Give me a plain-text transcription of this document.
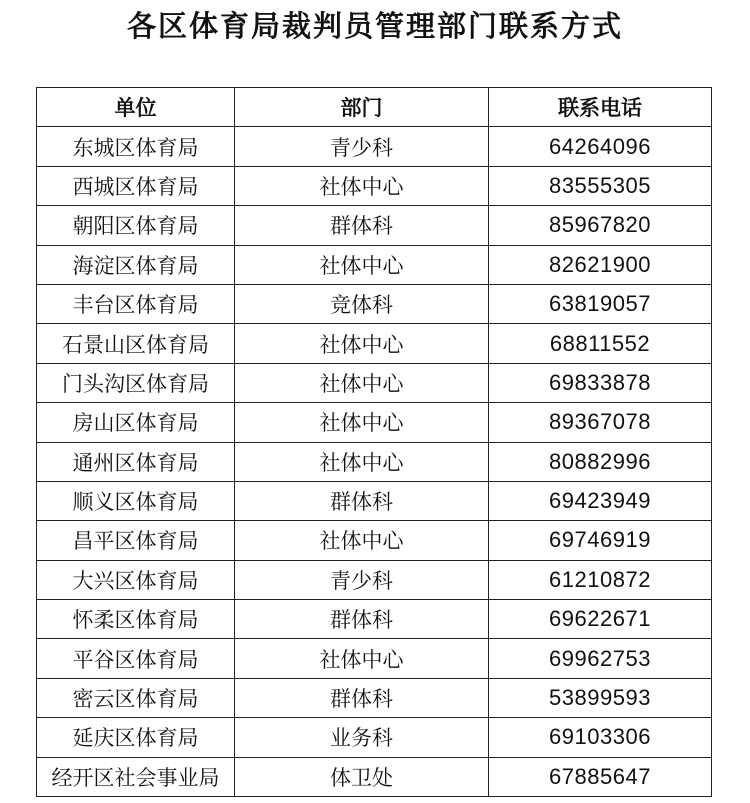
各区体育局裁判员管理部门联系方式
单位	部门	联系电话
东城区体育局	青少科	64264096
西城区体育局	社体中心	83555305
朝阳区体育局	群体科	85967820
海淀区体育局	社体中心	82621900
丰台区体育局	竞体科	63819057
石景山区体育局	社体中心	68811552
门头沟区体育局	社体中心	69833878
房山区体育局	社体中心	89367078
通州区体育局	社体中心	80882996
顺义区体育局	群体科	69423949
昌平区体育局	社体中心	69746919
大兴区体育局	青少科	61210872
怀柔区体育局	群体科	69622671
平谷区体育局	社体中心	69962753
密云区体育局	群体科	53899593
延庆区体育局	业务科	69103306
经开区社会事业局	体卫处	67885647
